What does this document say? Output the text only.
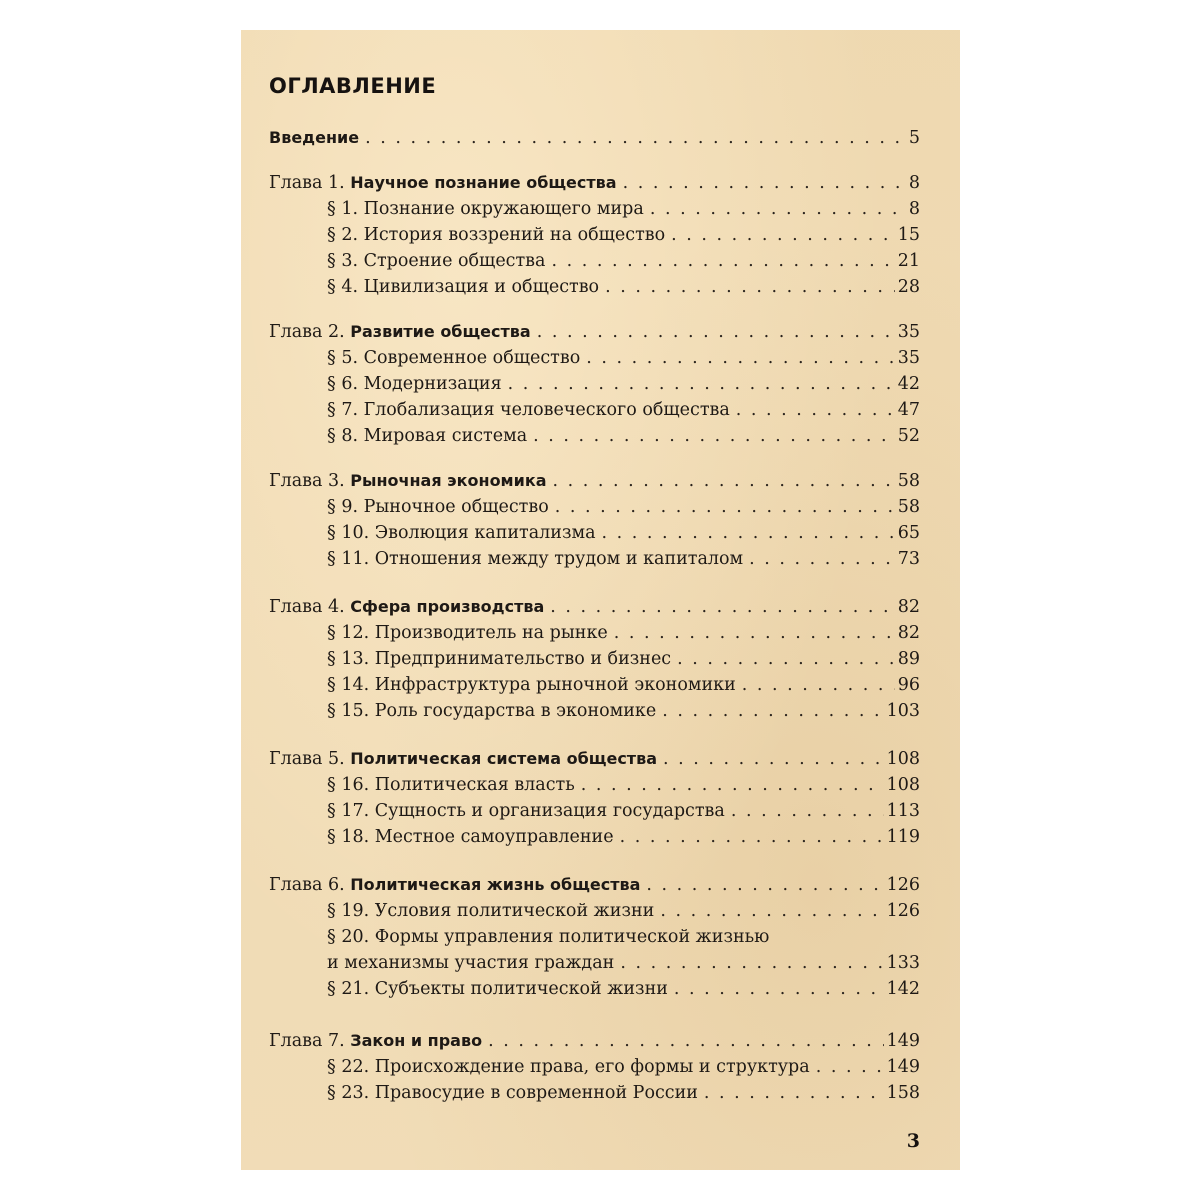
ОГЛАВЛЕНИЕ
Введение . . .	5
Глава 1. Научное познание общества . . .	8
§ 1. Познание окружающего мира . . .	8
§ 2. История воззрений на общество . . .	15
§ 3. Строение общества . . .	21
§ 4. Цивилизация и общество . . .	28
Глава 2. Развитие общества . . .	35
§ 5. Современное общество . . .	35
§ 6. Модернизация . . .	42
§ 7. Глобализация человеческого общества . . .	47
§ 8. Мировая система . . .	52
Глава 3. Рыночная экономика . . .	58
§ 9. Рыночное общество . . .	58
§ 10. Эволюция капитализма . . .	65
§ 11. Отношения между трудом и капиталом . . .	73
Глава 4. Сфера производства . . .	82
§ 12. Производитель на рынке . . .	82
§ 13. Предпринимательство и бизнес . . .	89
§ 14. Инфраструктура рыночной экономики . . .	96
§ 15. Роль государства в экономике . . .	103
Глава 5. Политическая система общества . . .	108
§ 16. Политическая власть . . .	108
§ 17. Сущность и организация государства . . .	113
§ 18. Местное самоуправление . . .	119
Глава 6. Политическая жизнь общества . . .	126
§ 19. Условия политической жизни . . .	126
§ 20. Формы управления политической жизнью
и механизмы участия граждан . . .	133
§ 21. Субъекты политической жизни . . .	142
Глава 7. Закон и право . . .	149
§ 22. Происхождение права, его формы и структура . . .	149
§ 23. Правосудие в современной России . . .	158
3
